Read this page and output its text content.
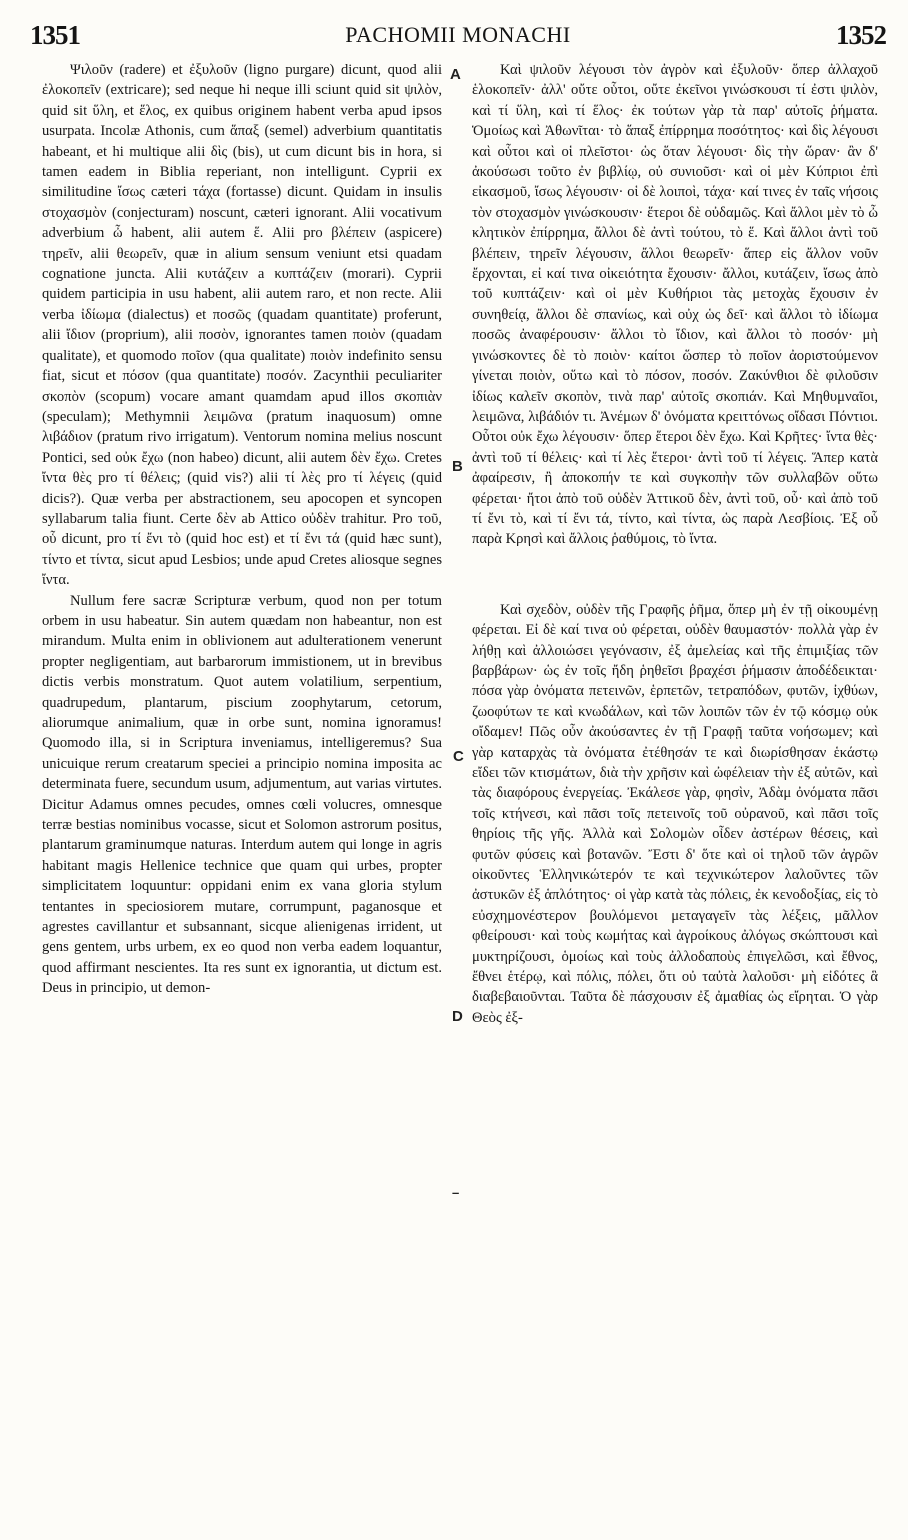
1351	PACHOMII MONACHI	1352

Ψιλοῦν (radere) et ἐξυλοῦν (ligno purgare) dicunt, quod alii ἐλοκοπεῖν (extricare); sed neque hi neque illi sciunt quid sit ψιλὸν, quid sit ὕλη, et ἕλος, ex quibus originem habent verba apud ipsos usurpata. Incolæ Athonis, cum ἅπαξ (semel) adverbium quantitatis habeant, et hi multique alii δὶς (bis), ut cum dicunt bis in hora, si tamen eadem in Biblia reperiant, non intelligunt. Cyprii ex similitudine ἴσως cæteri τάχα (fortasse) dicunt. Quidam in insulis στοχασμὸν (conjecturam) noscunt, cæteri ignorant. Alii vocativum adverbium ὦ habent, alii autem ἕ. Alii pro βλέπειν (aspicere) τηρεῖν, alii θεωρεῖν, quæ in alium sensum veniunt etsi quadam cognatione juncta. Alii κυτάζειν a κυπτάζειν (morari). Cyprii quidem participia in usu habent, alii autem raro, et non recte. Alii verba ἰδίωμα (dialectus) et ποσῶς (quadam quantitate) proferunt, alii ἴδιον (proprium), alii ποσὸν, ignorantes tamen ποιὸν (quadam qualitate), et quomodo ποῖον (qua qualitate) ποιὸν indefinito sensu fiat, sicut et πόσον (qua quantitate) ποσόν. Zacynthii peculiariter σκοπὸν (scopum) vocare amant quamdam apud illos σκοπιὰν (speculam); Methymnii λειμῶνα (pratum inaquosum) omne λιβάδιον (pratum rivo irrigatum). Ventorum nomina melius noscunt Pontici, sed οὐκ ἔχω (non habeo) dicunt, alii autem δὲν ἔχω. Cretes ἴντα θὲς pro τί θέλεις; (quid vis?) alii τί λὲς pro τί λέγεις (quid dicis?). Quæ verba per abstractionem, seu apocopen et syncopen syllabarum talia fiunt. Certe δὲν ab Attico οὐδὲν trahitur. Pro τοῦ, οὗ dicunt, pro τί ἔνι τὸ (quid hoc est) et τί ἔνι τά (quid hæc sunt), τίντο et τίντα, sicut apud Lesbios; unde apud Cretes aliosque segnes ἴντα.

Nullum fere sacræ Scripturæ verbum, quod non per totum orbem in usu habeatur. Sin autem quædam non habeantur, non est mirandum. Multa enim in oblivionem aut adulterationem venerunt propter negligentiam, aut barbarorum immistionem, ut in brevibus dictis verbis monstratum. Quot autem volatilium, serpentium, quadrupedum, plantarum, piscium zoophytarum, cetorum, aliorumque animalium, quæ in orbe sunt, nomina ignoramus! Quomodo illa, si in Scriptura inveniamus, intelligeremus? Sua unicuique rerum creatarum speciei a principio nomina imposita ac determinata fuere, secundum usum, adjumentum, aut varias virtutes. Dicitur Adamus omnes pecudes, omnes cœli volucres, omnesque terræ bestias nominibus vocasse, sicut et Solomon astrorum positus, plantarum graminumque naturas. Interdum autem qui longe in agris habitant magis Hellenice technice que quam qui urbes, propter simplicitatem loquuntur: oppidani enim ex vana gloria stylum tentantes in speciosiorem mutare, corrumpunt, paganosque et agrestes cavillantur et subsannant, sicque alienigenas irrident, ut gens gentem, urbs urbem, ex eo quod non verba eadem loquantur, quod affirmant nescientes. Ita res sunt ex ignorantia, ut dictum est. Deus in principio, ut demon-

A
B
C
D
–

Καὶ ψιλοῦν λέγουσι τὸν ἀγρὸν καὶ ἐξυλοῦν· ὅπερ ἀλλαχοῦ ἑλοκοπεῖν· ἀλλ' οὔτε οὗτοι, οὔτε ἐκεῖνοι γινώσκουσι τί ἐστι ψιλὸν, καὶ τί ὕλη, καὶ τί ἕλος· ἐκ τούτων γὰρ τὰ παρ' αὐτοῖς ῥήματα. Ὁμοίως καὶ Ἀθωνῖται· τὸ ἅπαξ ἐπίρρημα ποσότητος· καὶ δὶς λέγουσι καὶ οὗτοι καὶ οἱ πλεῖστοι· ὡς ὅταν λέγουσι· δὶς τὴν ὥραν· ἂν δ' ἀκούσωσι τοῦτο ἐν βιβλίῳ, οὐ συνιοῦσι· καὶ οἱ μὲν Κύπριοι ἐπὶ εἰκασμοῦ, ἴσως λέγουσιν· οἱ δὲ λοιποὶ, τάχα· καί τινες ἐν ταῖς νήσοις τὸν στοχασμὸν γινώσκουσιν· ἕτεροι δὲ οὐδαμῶς. Καὶ ἄλλοι μὲν τὸ ὦ κλητικὸν ἐπίρρημα, ἄλλοι δὲ ἀντὶ τούτου, τὸ ἕ. Καὶ ἄλλοι ἀντὶ τοῦ βλέπειν, τηρεῖν λέγουσιν, ἄλλοι θεωρεῖν· ἅπερ εἰς ἄλλον νοῦν ἔρχονται, εἰ καί τινα οἰκειότητα ἔχουσιν· ἄλλοι, κυτάζειν, ἴσως ἀπὸ τοῦ κυπτάζειν· καὶ οἱ μὲν Κυθήριοι τὰς μετοχὰς ἔχουσιν ἐν συνηθείᾳ, ἄλλοι δὲ σπανίως, καὶ οὐχ ὡς δεῖ· καὶ ἄλλοι τὸ ἰδίωμα ποσῶς ἀναφέρουσιν· ἄλλοι τὸ ἴδιον, καὶ ἄλλοι τὸ ποσόν· μὴ γινώσκοντες δὲ τὸ ποιὸν· καίτοι ὥσπερ τὸ ποῖον ἀοριστούμενον γίνεται ποιὸν, οὕτω καὶ τὸ πόσον, ποσόν. Ζακύνθιοι δὲ φιλοῦσιν ἰδίως καλεῖν σκοπὸν, τινὰ παρ' αὐτοῖς σκοπιάν. Καὶ Μηθυμναῖοι, λειμῶνα, λιβάδιόν τι. Ἀνέμων δ' ὀνόματα κρειττόνως οἴδασι Πόντιοι. Οὗτοι οὐκ ἔχω λέγουσιν· ὅπερ ἕτεροι δὲν ἔχω. Καὶ Κρῆτες· ἴντα θὲς· ἀντὶ τοῦ τί θέλεις· καὶ τί λὲς ἕτεροι· ἀντὶ τοῦ τί λέγεις. Ἅπερ κατὰ ἀφαίρεσιν, ἢ ἀποκοπήν τε καὶ συγκοπὴν τῶν συλλαβῶν οὕτω φέρεται· ἤτοι ἀπὸ τοῦ οὐδὲν Ἀττικοῦ δὲν, ἀντὶ τοῦ, οὗ· καὶ ἀπὸ τοῦ τί ἔνι τὸ, καὶ τί ἔνι τά, τίντο, καὶ τίντα, ὡς παρὰ Λεσβίοις. Ἐξ οὗ παρὰ Κρησὶ καὶ ἄλλοις ῥαθύμοις, τὸ ἴντα.

Καὶ σχεδὸν, οὐδὲν τῆς Γραφῆς ῥῆμα, ὅπερ μὴ ἐν τῇ οἰκουμένῃ φέρεται. Εἰ δὲ καί τινα οὐ φέρεται, οὐδὲν θαυμαστόν· πολλὰ γὰρ ἐν λήθῃ καὶ ἀλλοιώσει γεγόνασιν, ἐξ ἀμελείας καὶ τῆς ἐπιμιξίας τῶν βαρβάρων· ὡς ἐν τοῖς ἤδη ῥηθεῖσι βραχέσι ῥήμασιν ἀποδέδεικται· πόσα γὰρ ὀνόματα πετεινῶν, ἑρπετῶν, τετραπόδων, φυτῶν, ἰχθύων, ζωοφύτων τε καὶ κνωδάλων, καὶ τῶν λοιπῶν τῶν ἐν τῷ κόσμῳ οὐκ οἴδαμεν! Πῶς οὖν ἀκούσαντες ἐν τῇ Γραφῇ ταῦτα νοήσωμεν; καὶ γὰρ καταρχὰς τὰ ὀνόματα ἐτέθησάν τε καὶ διωρίσθησαν ἑκάστῳ εἴδει τῶν κτισμάτων, διὰ τὴν χρῆσιν καὶ ὠφέλειαν τὴν ἐξ αὐτῶν, καὶ τὰς διαφόρους ἐνεργείας. Ἐκάλεσε γὰρ, φησὶν, Ἀδὰμ ὀνόματα πᾶσι τοῖς κτήνεσι, καὶ πᾶσι τοῖς πετεινοῖς τοῦ οὐρανοῦ, καὶ πᾶσι τοῖς θηρίοις τῆς γῆς. Ἀλλὰ καὶ Σολομὼν οἶδεν ἀστέρων θέσεις, καὶ φυτῶν φύσεις καὶ βοτανῶν. Ἔστι δ' ὅτε καὶ οἱ τηλοῦ τῶν ἀγρῶν οἰκοῦντες Ἑλληνικώτερόν τε καὶ τεχνικώτερον λαλοῦντες τῶν ἀστυκῶν ἐξ ἁπλότητος· οἱ γὰρ κατὰ τὰς πόλεις, ἐκ κενοδοξίας, εἰς τὸ εὐσχημονέστερον βουλόμενοι μεταγαγεῖν τὰς λέξεις, μᾶλλον φθείρουσι· καὶ τοὺς κωμήτας καὶ ἀγροίκους ἀλόγως σκώπτουσι καὶ μυκτηρίζουσι, ὁμοίως καὶ τοὺς ἀλλοδαποὺς ἐπιγελῶσι, καὶ ἔθνος, ἔθνει ἑτέρῳ, καὶ πόλις, πόλει, ὅτι οὐ ταὐτὰ λαλοῦσι· μὴ εἰδότες ἃ διαβεβαιοῦνται. Ταῦτα δὲ πάσχουσιν ἐξ ἀμαθίας ὡς εἴρηται. Ὁ γὰρ Θεὸς ἐξ-
